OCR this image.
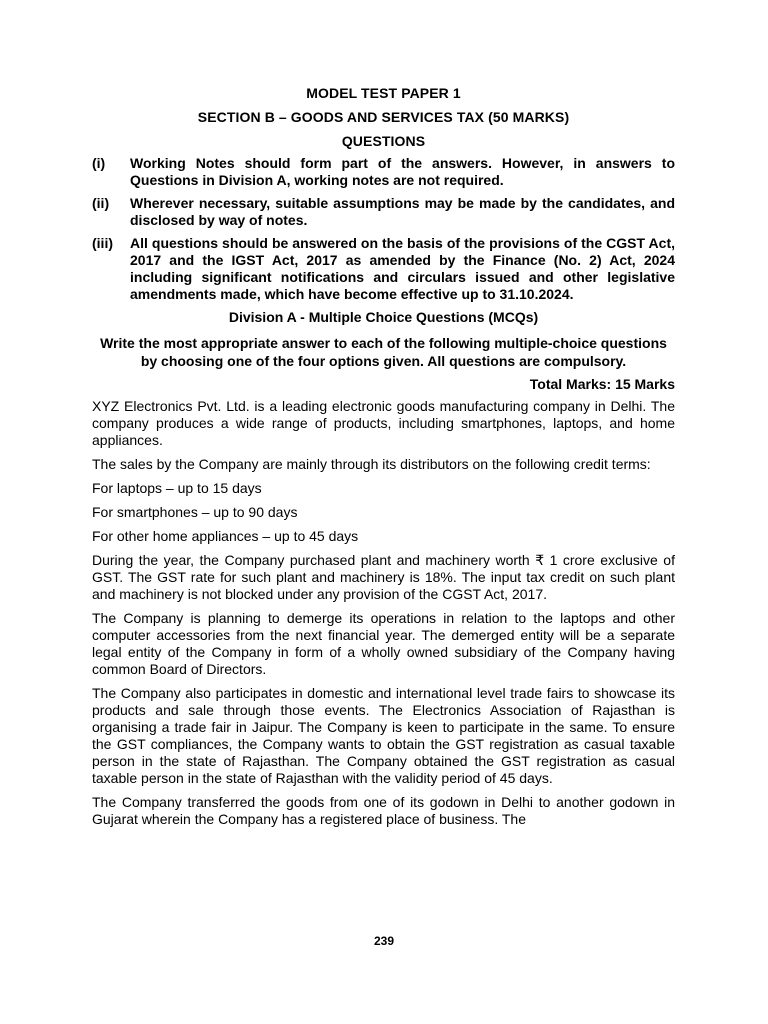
MODEL TEST PAPER 1
SECTION B – GOODS AND SERVICES TAX (50 MARKS)
QUESTIONS
(i)	Working Notes should form part of the answers. However, in answers to Questions in Division A, working notes are not required.
(ii)	Wherever necessary, suitable assumptions may be made by the candidates, and disclosed by way of notes.
(iii)	All questions should be answered on the basis of the provisions of the CGST Act, 2017 and the IGST Act, 2017 as amended by the Finance (No. 2) Act, 2024 including significant notifications and circulars issued and other legislative amendments made, which have become effective up to 31.10.2024.
Division A - Multiple Choice Questions (MCQs)
Write the most appropriate answer to each of the following multiple-choice questions by choosing one of the four options given. All questions are compulsory.
Total Marks: 15 Marks

XYZ Electronics Pvt. Ltd. is a leading electronic goods manufacturing company in Delhi. The company produces a wide range of products, including smartphones, laptops, and home appliances.

The sales by the Company are mainly through its distributors on the following credit terms:

For laptops – up to 15 days

For smartphones – up to 90 days

For other home appliances – up to 45 days

During the year, the Company purchased plant and machinery worth ₹ 1 crore exclusive of GST. The GST rate for such plant and machinery is 18%. The input tax credit on such plant and machinery is not blocked under any provision of the CGST Act, 2017.

The Company is planning to demerge its operations in relation to the laptops and other computer accessories from the next financial year. The demerged entity will be a separate legal entity of the Company in form of a wholly owned subsidiary of the Company having common Board of Directors.

The Company also participates in domestic and international level trade fairs to showcase its products and sale through those events. The Electronics Association of Rajasthan is organising a trade fair in Jaipur. The Company is keen to participate in the same. To ensure the GST compliances, the Company wants to obtain the GST registration as casual taxable person in the state of Rajasthan. The Company obtained the GST registration as casual taxable person in the state of Rajasthan with the validity period of 45 days.

The Company transferred the goods from one of its godown in Delhi to another godown in Gujarat wherein the Company has a registered place of business. The

239
